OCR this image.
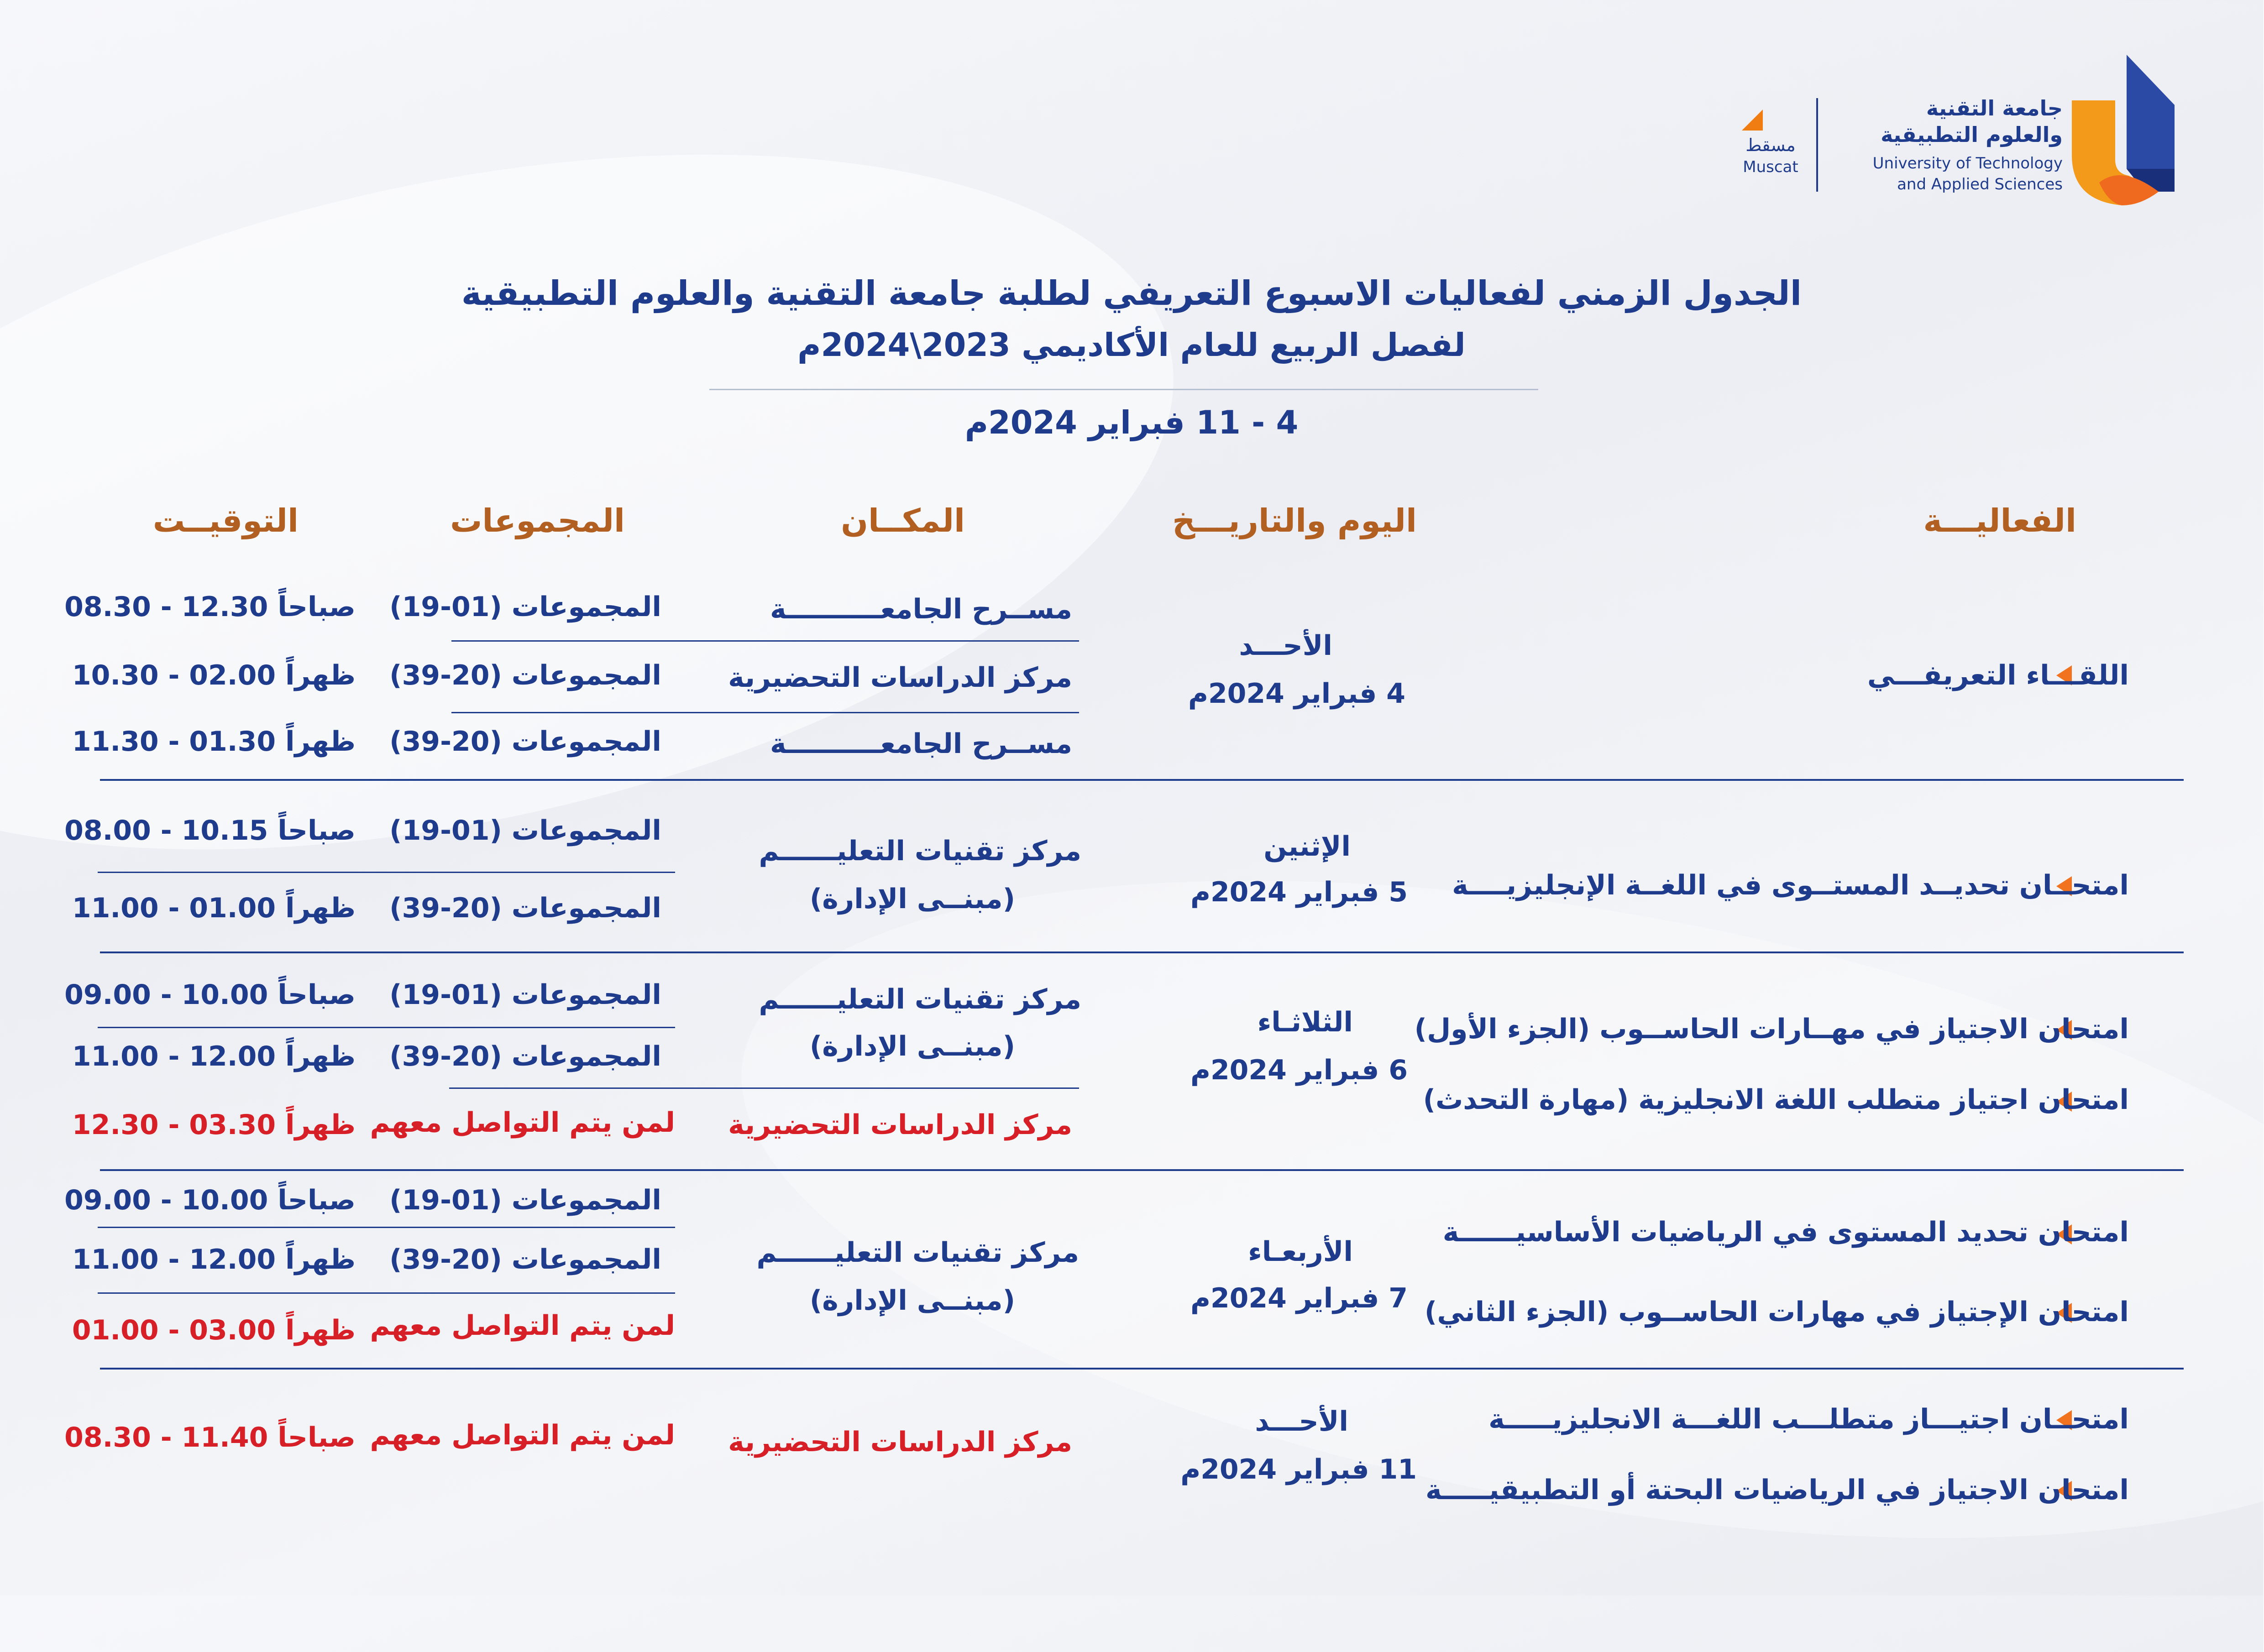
جامعة التقنية
والعلوم التطبيقية
University of Technology
and Applied Sciences
مسقط
Muscat
الجدول الزمني لفعاليات الاسبوع التعريفي لطلبة جامعة التقنية والعلوم التطبيقية
لفصل الربيع للعام الأكاديمي 2023\2024م
4 - 11 فبراير 2024م
الفعاليـــة
اليوم والتاريـــخ
المكــان
المجموعات
التوقيــت
اللقـــاء التعريفـــي
الأحـــد
4 فبراير 2024م
مســرح الجامعــــــــــة
مركز الدراسات التحضيرية
مســرح الجامعــــــــــة
المجموعات (01-19)
08.30 - 12.30 صباحاً
المجموعات (20-39)
10.30 - 02.00 ظهراً
المجموعات (20-39)
11.30 - 01.30 ظهراً
امتحــان تحديــد المستــوى في اللغــة الإنجليزيــــة
الإثنين
5 فبراير 2024م
مركز تقنيات التعليــــــم
(مبنــى الإدارة)
المجموعات (01-19)
08.00 - 10.15 صباحاً
المجموعات (20-39)
11.00 - 01.00 ظهراً
امتحان الاجتياز في مهــارات الحاســوب (الجزء الأول)
امتحان اجتياز متطلب اللغة الانجليزية (مهارة التحدث)
الثلاثـاء
6 فبراير 2024م
مركز تقنيات التعليــــــم
(مبنــى الإدارة)
مركز الدراسات التحضيرية
المجموعات (01-19)
09.00 - 10.00 صباحاً
المجموعات (20-39)
11.00 - 12.00 ظهراً
لمن يتم التواصل معهم
12.30 - 03.30 ظهراً
امتحان تحديد المستوى في الرياضيات الأساسيــــــة
امتحان الإجتياز في مهارات الحاســوب (الجزء الثاني)
الأربعـاء
7 فبراير 2024م
مركز تقنيات التعليــــــم
(مبنــى الإدارة)
المجموعات (01-19)
09.00 - 10.00 صباحاً
المجموعات (20-39)
11.00 - 12.00 ظهراً
لمن يتم التواصل معهم
01.00 - 03.00 ظهراً
امتحــان اجتيـــاز متطلـــب اللغـــة الانجليزيـــــة
امتحان الاجتياز في الرياضيات البحتة أو التطبيقيـــــة
الأحـــد
11 فبراير 2024م
مركز الدراسات التحضيرية
لمن يتم التواصل معهم
08.30 - 11.40 صباحاً
